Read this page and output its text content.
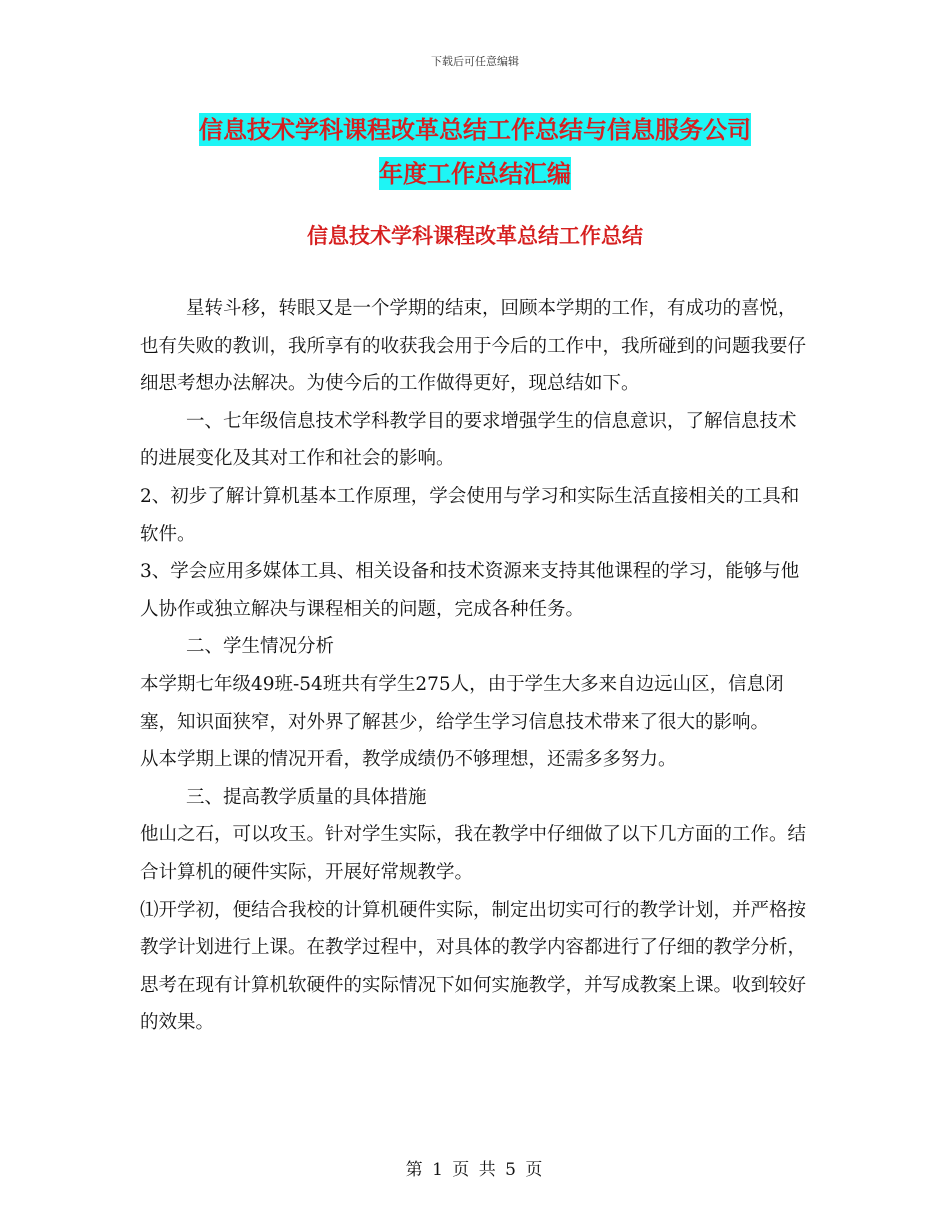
下载后可任意编辑
信息技术学科课程改革总结工作总结与信息服务公司
年度工作总结汇编
信息技术学科课程改革总结工作总结

星转斗移，转眼又是一个学期的结束，回顾本学期的工作，有成功的喜悦，也有失败的教训，我所享有的收获我会用于今后的工作中，我所碰到的问题我要仔细思考想办法解决。为使今后的工作做得更好，现总结如下。

一、七年级信息技术学科教学目的要求增强学生的信息意识，了解信息技术的进展变化及其对工作和社会的影响。

2、初步了解计算机基本工作原理，学会使用与学习和实际生活直接相关的工具和软件。

3、学会应用多媒体工具、相关设备和技术资源来支持其他课程的学习，能够与他人协作或独立解决与课程相关的问题，完成各种任务。

二、学生情况分析

本学期七年级49班-54班共有学生275人，由于学生大多来自边远山区，信息闭塞，知识面狭窄，对外界了解甚少，给学生学习信息技术带来了很大的影响。

从本学期上课的情况开看，教学成绩仍不够理想，还需多多努力。

三、提高教学质量的具体措施

他山之石，可以攻玉。针对学生实际，我在教学中仔细做了以下几方面的工作。结合计算机的硬件实际，开展好常规教学。

⑴开学初，便结合我校的计算机硬件实际，制定出切实可行的教学计划，并严格按教学计划进行上课。在教学过程中，对具体的教学内容都进行了仔细的教学分析，思考在现有计算机软硬件的实际情况下如何实施教学，并写成教案上课。收到较好的效果。

第 1 页 共 5 页
